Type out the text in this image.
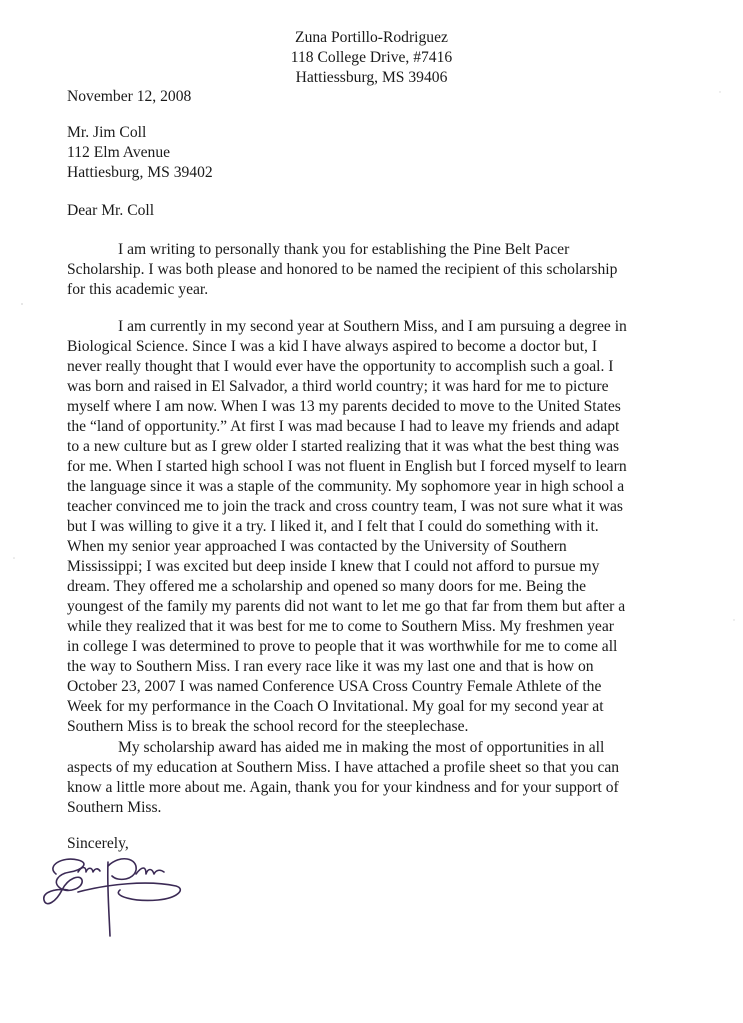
Zuna Portillo-Rodriguez
118 College Drive, #7416
Hattiessburg, MS 39406
November 12, 2008
Mr. Jim Coll
112 Elm Avenue
Hattiesburg, MS 39402
Dear Mr. Coll
I am writing to personally thank you for establishing the Pine Belt Pacer
Scholarship. I was both please and honored to be named the recipient of this scholarship
for this academic year.
I am currently in my second year at Southern Miss, and I am pursuing a degree in
Biological Science. Since I was a kid I have always aspired to become a doctor but, I
never really thought that I would ever have the opportunity to accomplish such a goal. I
was born and raised in El Salvador, a third world country; it was hard for me to picture
myself where I am now. When I was 13 my parents decided to move to the United States
the “land of opportunity.” At first I was mad because I had to leave my friends and adapt
to a new culture but as I grew older I started realizing that it was what the best thing was
for me. When I started high school I was not fluent in English but I forced myself to learn
the language since it was a staple of the community. My sophomore year in high school a
teacher convinced me to join the track and cross country team, I was not sure what it was
but I was willing to give it a try. I liked it, and I felt that I could do something with it.
When my senior year approached I was contacted by the University of Southern
Mississippi; I was excited but deep inside I knew that I could not afford to pursue my
dream. They offered me a scholarship and opened so many doors for me. Being the
youngest of the family my parents did not want to let me go that far from them but after a
while they realized that it was best for me to come to Southern Miss. My freshmen year
in college I was determined to prove to people that it was worthwhile for me to come all
the way to Southern Miss. I ran every race like it was my last one and that is how on
October 23, 2007 I was named Conference USA Cross Country Female Athlete of the
Week for my performance in the Coach O Invitational. My goal for my second year at
Southern Miss is to break the school record for the steeplechase.
My scholarship award has aided me in making the most of opportunities in all
aspects of my education at Southern Miss. I have attached a profile sheet so that you can
know a little more about me. Again, thank you for your kindness and for your support of
Southern Miss.
Sincerely,
